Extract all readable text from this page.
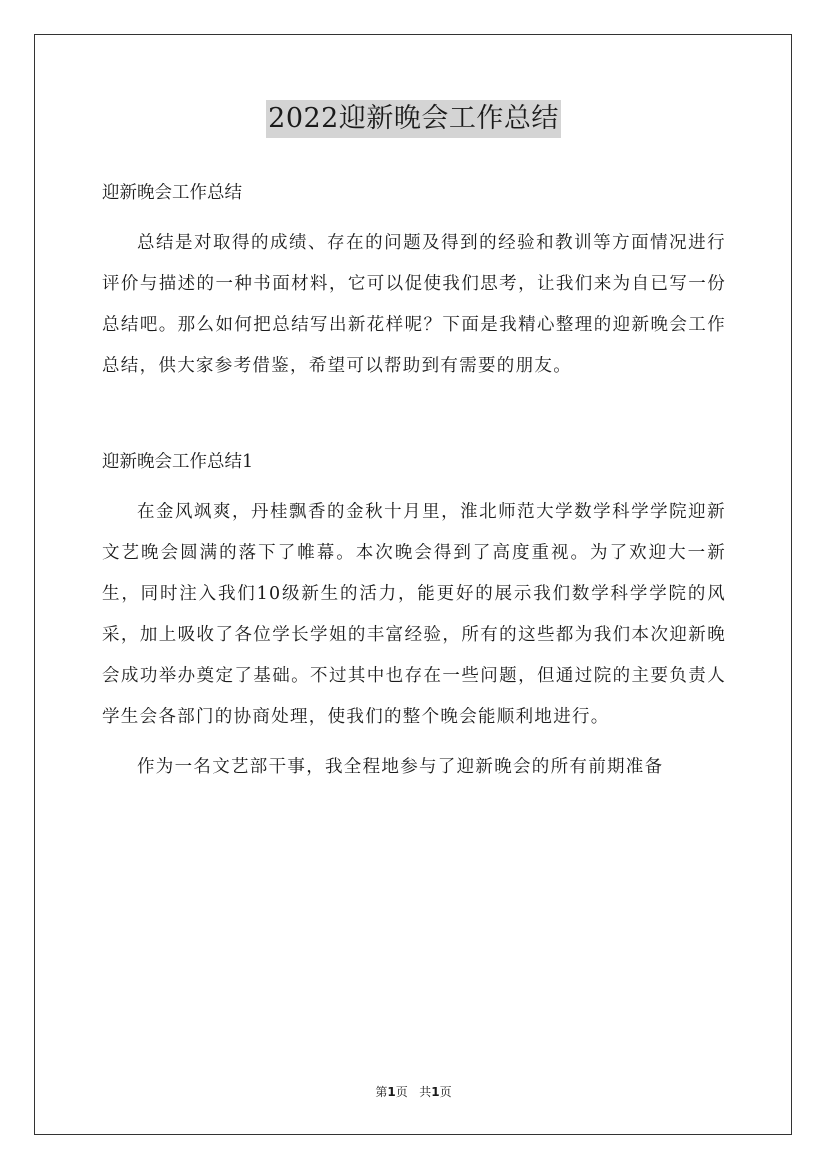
2022迎新晚会工作总结

迎新晚会工作总结

总结是对取得的成绩、存在的问题及得到的经验和教训等方面情况进行评价与描述的一种书面材料，它可以促使我们思考，让我们来为自已写一份总结吧。那么如何把总结写出新花样呢？下面是我精心整理的迎新晚会工作总结，供大家参考借鉴，希望可以帮助到有需要的朋友。

迎新晚会工作总结1

在金风飒爽，丹桂飘香的金秋十月里，淮北师范大学数学科学学院迎新文艺晚会圆满的落下了帷幕。本次晚会得到了高度重视。为了欢迎大一新生，同时注入我们10级新生的活力，能更好的展示我们数学科学学院的风采，加上吸收了各位学长学姐的丰富经验，所有的这些都为我们本次迎新晚会成功举办奠定了基础。不过其中也存在一些问题，但通过院的主要负责人学生会各部门的协商处理，使我们的整个晚会能顺利地进行。

作为一名文艺部干事，我全程地参与了迎新晚会的所有前期准备

第1页 共1页
